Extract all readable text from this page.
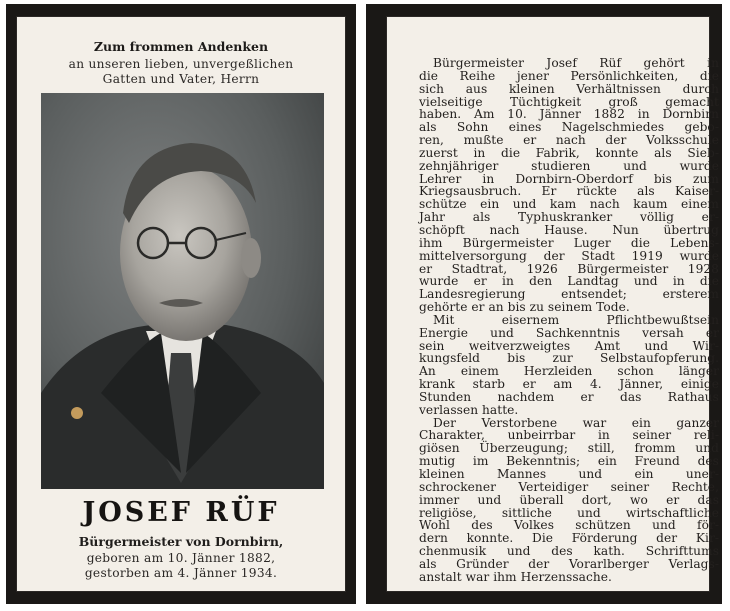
Zum frommen Andenken
an unseren lieben, unvergeßlichen
Gatten und Vater, Herrn
JOSEF RÜF
Bürgermeister von Dornbirn,
geboren am 10. Jänner 1882,
gestorben am 4. Jänner 1934.

Bürgermeister Josef Rüf gehört in

die Reihe jener Persönlichkeiten, die

sich aus kleinen Verhältnissen durch

vielseitige Tüchtigkeit groß gemacht

haben. Am 10. Jänner 1882 in Dornbirn

als Sohn eines Nagelschmiedes gebo-

ren, mußte er nach der Volksschule

zuerst in die Fabrik, konnte als Sieb-

zehnjähriger studieren und wurde

Lehrer in Dornbirn-Oberdorf bis zum

Kriegsausbruch. Er rückte als Kaiser-

schütze ein und kam nach kaum einem

Jahr als Typhuskranker völlig er-

schöpft nach Hause. Nun übertrug

ihm Bürgermeister Luger die Lebens-

mittelversorgung der Stadt 1919 wurde

er Stadtrat, 1926 Bürgermeister 1928

wurde er in den Landtag und in die

Landesregierung entsendet; ersterem

gehörte er an bis zu seinem Tode.

Mit eisernem Pflichtbewußtsein

Energie und Sachkenntnis versah er

sein weitverzweigtes Amt und Wir-

kungsfeld bis zur Selbstaufopferung.

An einem Herzleiden schon länger

krank starb er am 4. Jänner, einige

Stunden nachdem er das Rathaus

verlassen hatte.

Der Verstorbene war ein ganzer

Charakter, unbeirrbar in seiner reli-

giösen Überzeugung; still, fromm und

mutig im Bekenntnis; ein Freund des

kleinen Mannes und ein uner-

schrockener Verteidiger seiner Rechte,

immer und überall dort, wo er das

religiöse, sittliche und wirtschaftliche

Wohl des Volkes schützen und för-

dern konnte. Die Förderung der Kir-

chenmusik und des kath. Schrifttums

als Gründer der Vorarlberger Verlags-

anstalt war ihm Herzenssache.
